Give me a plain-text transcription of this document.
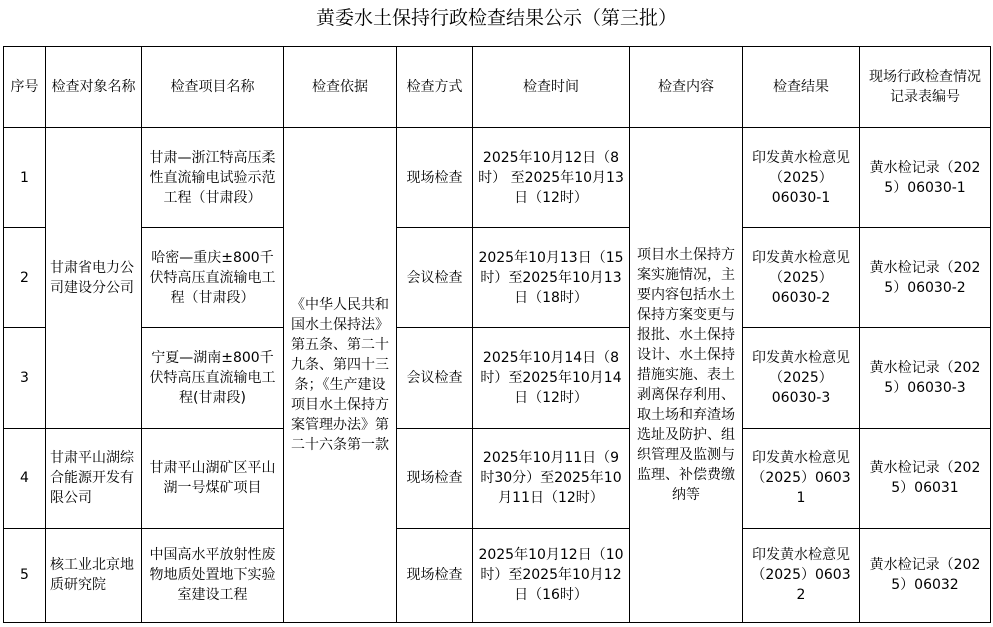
黄委水土保持行政检查结果公示（第三批）
序号	检查对象名称	检查项目名称	检查依据	检查方式	检查时间	检查内容	检查结果	现场行政检查情况记录表编号
1	甘肃省电力公司建设分公司	甘肃—浙江特高压柔性直流输电试验示范工程（甘肃段）	《中华人民共和国水土保持法》第五条、第二十九条、第四十三条；《生产建设项目水土保持方案管理办法》第二十六条第一款	现场检查	2025年10月12日（8时） 至2025年10月13日（12时）	项目水土保持方案实施情况，主要内容包括水土保持方案变更与报批、水土保持设计、水土保持措施实施、表土剥离保存利用、取土场和弃渣场选址及防护、组织管理及监测与监理、补偿费缴纳等	印发黄水检意见
（2025）
06030-1	黄水检记录（2025）06030-1
2		哈密—重庆±800千伏特高压直流输电工程（甘肃段）		会议检查	2025年10月13日（15时）至2025年10月13日（18时）		印发黄水检意见
（2025）
06030-2	黄水检记录（2025）06030-2
3		宁夏—湖南±800千伏特高压直流输电工程(甘肃段)		会议检查	2025年10月14日（8时）至2025年10月14日（12时）		印发黄水检意见
（2025）
06030-3	黄水检记录（2025）06030-3
4	甘肃平山湖综合能源开发有限公司	甘肃平山湖矿区平山湖一号煤矿项目		现场检查	2025年10月11日（9时30分）至2025年10月11日（12时）		印发黄水检意见
（2025）06031	黄水检记录（2025）06031
5	核工业北京地质研究院	中国高水平放射性废物地质处置地下实验室建设工程		现场检查	2025年10月12日（10时）至2025年10月12日（16时）		印发黄水检意见
（2025）06032	黄水检记录（2025）06032
